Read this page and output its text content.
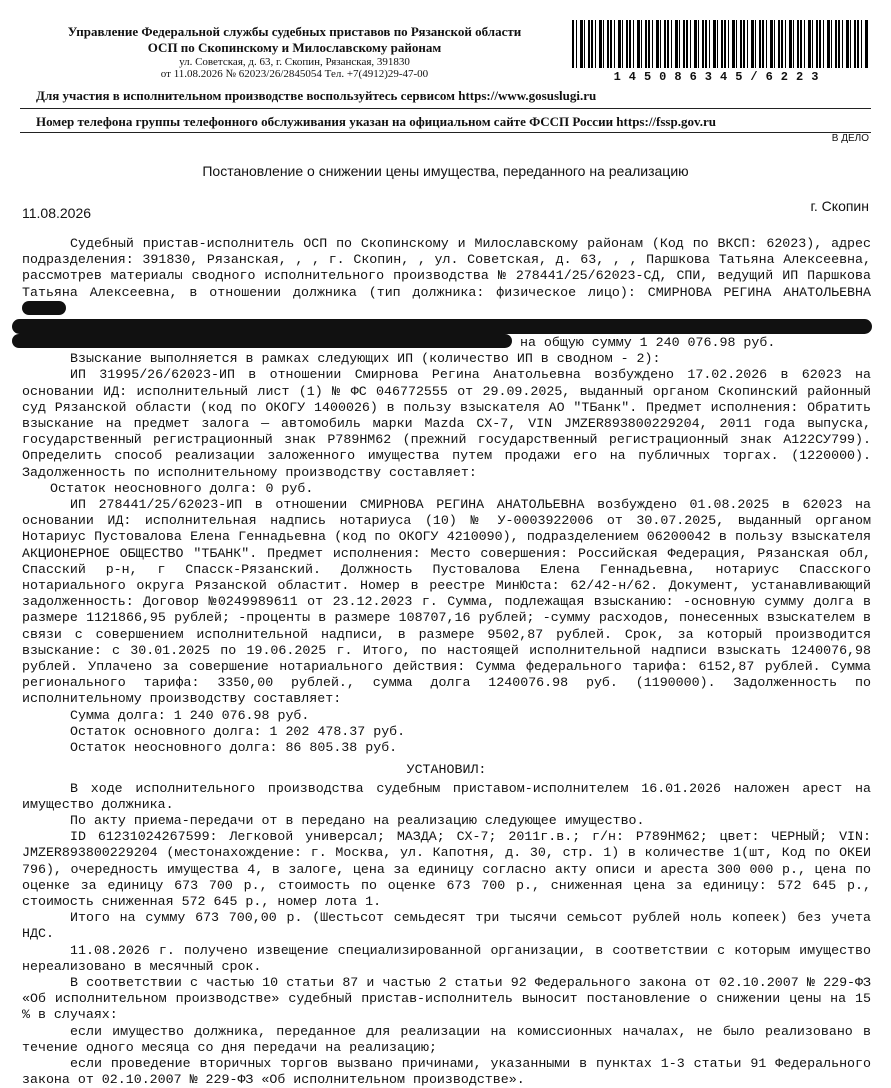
Управление Федеральной службы судебных приставов по Рязанской области
ОСП по Скопинскому и Милославскому районам
ул. Советская, д. 63, г. Скопин, Рязанская, 391830
от 11.08.2026 № 62023/26/2845054 Тел. +7(4912)29-47-00	145086345/6223
Для участия в исполнительном производстве воспользуйтесь сервисом https://www.gosuslugi.ru
Номер телефона группы телефонного обслуживания указан на официальном сайте ФССП России https://fssp.gov.ru
В ДЕЛО
Постановление о снижении цены имущества, переданного на реализацию
11.08.2026	г. Скопин

Судебный пристав-исполнитель ОСП по Скопинскому и Милославскому районам (Код по ВКСП: 62023), адрес подразделения: 391830, Рязанская, , , г. Скопин, , ул. Советская, д. 63, , , Паршкова Татьяна Алексеевна, рассмотрев материалы сводного исполнительного производства № 278441/25/62023-СД, СПИ, ведущий ИП Паршкова Татьяна Алексеевна, в отношении должника (тип должника: физическое лицо): СМИРНОВА РЕГИНА АНАТОЛЬЕВНА

на общую сумму 1 240 076.98 руб.

Взыскание выполняется в рамках следующих ИП (количество ИП в сводном - 2):

ИП 31995/26/62023-ИП в отношении Смирнова Регина Анатольевна возбуждено 17.02.2026 в 62023 на основании ИД: исполнительный лист (1) № ФС 046772555 от 29.09.2025, выданный органом Скопинский районный суд Рязанской области (код по ОКОГУ 1400026) в пользу взыскателя АО "ТБанк". Предмет исполнения: Обратить взыскание на предмет залога — автомобиль марки Mazda CX-7, VIN JMZER893800229204, 2011 года выпуска, государственный регистрационный знак Р789НМ62 (прежний государственный регистрационный знак А122СУ799). Определить способ реализации заложенного имущества путем продажи его на публичных торгах. (1220000). Задолженность по исполнительному производству составляет:

Остаток неосновного долга: 0 руб.

ИП 278441/25/62023-ИП в отношении СМИРНОВА РЕГИНА АНАТОЛЬЕВНА возбуждено 01.08.2025 в 62023 на основании ИД: исполнительная надпись нотариуса (10) № У-0003922006 от 30.07.2025, выданный органом Нотариус Пустовалова Елена Геннадьевна (код по ОКОГУ 4210090), подразделением 06200042 в пользу взыскателя АКЦИОНЕРНОЕ ОБЩЕСТВО "ТБАНК". Предмет исполнения: Место совершения: Российская Федерация, Рязанская обл, Спасский р-н, г Спасск-Рязанский. Должность Пустовалова Елена Геннадьевна, нотариус Спасского нотариального округа Рязанской областит. Номер в реестре МинЮста: 62/42-н/62. Документ, устанавливающий задолженность: Договор №0249989611 от 23.12.2023 г. Сумма, подлежащая взысканию: -основную сумму долга в размере 1121866,95 рублей; -проценты в размере 108707,16 рублей; -сумму расходов, понесенных взыскателем в связи с совершением исполнительной надписи, в размере 9502,87 рублей. Срок, за который производится взыскание: с 30.01.2025 по 19.06.2025 г. Итого, по настоящей исполнительной надписи взыскать 1240076,98 рублей. Уплачено за совершение нотариального действия: Сумма федерального тарифа: 6152,87 рублей. Сумма регионального тарифа: 3350,00 рублей., сумма долга 1240076.98 руб. (1190000). Задолженность по исполнительному производству составляет:

Сумма долга: 1 240 076.98 руб.

Остаток основного долга: 1 202 478.37 руб.

Остаток неосновного долга: 86 805.38 руб.

УСТАНОВИЛ:

В ходе исполнительного производства судебным приставом-исполнителем 16.01.2026 наложен арест на имущество должника.

По акту приема-передачи от в передано на реализацию следующее имущество.

ID 61231024267599: Легковой универсал; МАЗДА; CX-7; 2011г.в.; г/н: Р789НМ62; цвет: ЧЕРНЫЙ; VIN: JMZER893800229204 (местонахождение: г. Москва, ул. Капотня, д. 30, стр. 1) в количестве 1(шт, Код по ОКЕИ 796), очередность имущества 4, в залоге, цена за единицу согласно акту описи и ареста 300 000 р., цена по оценке за единицу 673 700 р., стоимость по оценке 673 700 р., сниженная цена за единицу: 572 645 р., стоимость сниженная 572 645 р., номер лота 1.

Итого на сумму 673 700,00 р. (Шестьсот семьдесят три тысячи семьсот рублей ноль копеек) без учета НДС.

11.08.2026 г. получено извещение специализированной организации, в соответствии с которым имущество нереализовано в месячный срок.

В соответствии с частью 10 статьи 87 и частью 2 статьи 92 Федерального закона от 02.10.2007 № 229-ФЗ «Об исполнительном производстве» судебный пристав-исполнитель выносит постановление о снижении цены на 15 % в случаях:

если имущество должника, переданное для реализации на комиссионных началах, не было реализовано в течение одного месяца со дня передачи на реализацию;

если проведение вторичных торгов вызвано причинами, указанными в пунктах 1-3 статьи 91 Федерального закона от 02.10.2007 № 229-ФЗ «Об исполнительном производстве».
